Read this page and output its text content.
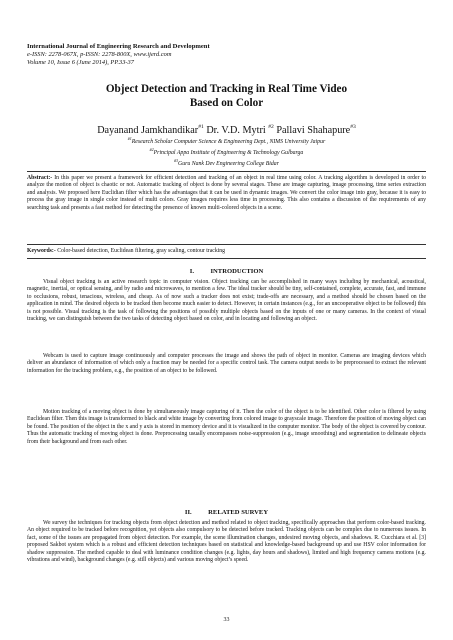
International Journal of Engineering Research and Development
e-ISSN: 2278-067X, p-ISSN: 2278-800X, www.ijerd.com
Volume 10, Issue 6 (June 2014), PP.33-37
Object Detection and Tracking in Real Time Video
Based on Color
Dayanand Jamkhandikar$^{\#1}$ Dr. V.D. Mytri $^{\#2}$ Pallavi Shahapure$^{\#3}$
$^{\#1}$Research Scholar Computer Science & Engineering Dept., NIMS University Jaipur
$^{\#2}$Principal Appa Institute of Engineering & Technology Gulbarga
$^{\#3}$Guru Nank Dev Engineering College Bidar

Abstract:- In this paper we present a framework for efficient detection and tracking of an object in real time using color. A tracking algorithm is developed in order to analyze the motion of object is chaotic or not. Automatic tracking of object is done by several stages. These are image capturing, image processing, time series extraction and analysis. We proposed here Euclidian filter which has the advantages that it can be used in dynamic images. We convert the color image into gray, because it is easy to process the gray image in single color instead of multi colors. Gray images requires less time in processing. This also contains a discussion of the requirements of any searching task and presents a fast method for detecting the presence of known multi-colored objects in a scene.

Keywords:- Color-based detection, Euclidean filtering, gray scaling, contour tracking
I.          INTRODUCTION

Visual object tracking is an active research topic in computer vision. Object tracking can be accomplished in many ways including by mechanical, acoustical, magnetic, inertial, or optical sensing, and by radio and microwaves, to mention a few. The ideal tracker should be tiny, self-contained, complete, accurate, fast, and immune to occlusions, robust, tenacious, wireless, and cheap. As of now such a tracker does not exist; trade-offs are necessary, and a method should be chosen based on the application in mind. The desired objects to be tracked then become much easier to detect. However, in certain instances (e.g., for an uncooperative object to be followed) this is not possible. Visual tracking is the task of following the positions of possibly multiple objects based on the inputs of one or many cameras. In the context of visual tracking, we can distinguish between the two tasks of detecting object based on color, and in locating and following an object.

Webcam is used to capture image continuously and computer processes the image and shows the path of object in monitor. Cameras are imaging devices which deliver an abundance of information of which only a fraction may be needed for a specific control task. The camera output needs to be preprocessed to extract the relevant information for the tracking problem, e.g., the position of an object to be followed.

Motion tracking of a moving object is done by simultaneously image capturing of it. Then the color of the object is to be identified. Other color is filtered by using Euclidean filter. Then this image is transformed to black and white image by converting from colored image to grayscale image. Therefore the position of moving object can be found. The position of the object in the x and y axis is stored in memory device and it is visualized in the computer monitor. The body of the object is covered by contour. Thus the automatic tracking of moving object is done. Preprocessing usually encompasses noise-suppression (e.g., image smoothing) and segmentation to delineate objects from their background and from each other.

II.          RELATED SURVEY

We survey the techniques for tracking objects from object detection and method related to object tracking, specifically approaches that perform color-based tracking. An object required to be tracked before recognition, yet objects also compulsory to be detected before tracked. Tracking objects can be complex due to numerous issues. In fact, some of the issues are propagated from object detection. For example, the scene illumination changes, undesired moving objects, and shadows. R. Cucchiara et al. [3] proposed Sakbot system which is a robust and efficient detection techniques based on statistical and knowledge-based background up and use HSV color information for shadow suppression. The method capable to deal with luminance condition changes (e.g. lights, day hours and shadows), limited and high frequency camera motions (e.g. vibrations and wind), background changes (e.g. still objects) and various moving object’s speed.

33
